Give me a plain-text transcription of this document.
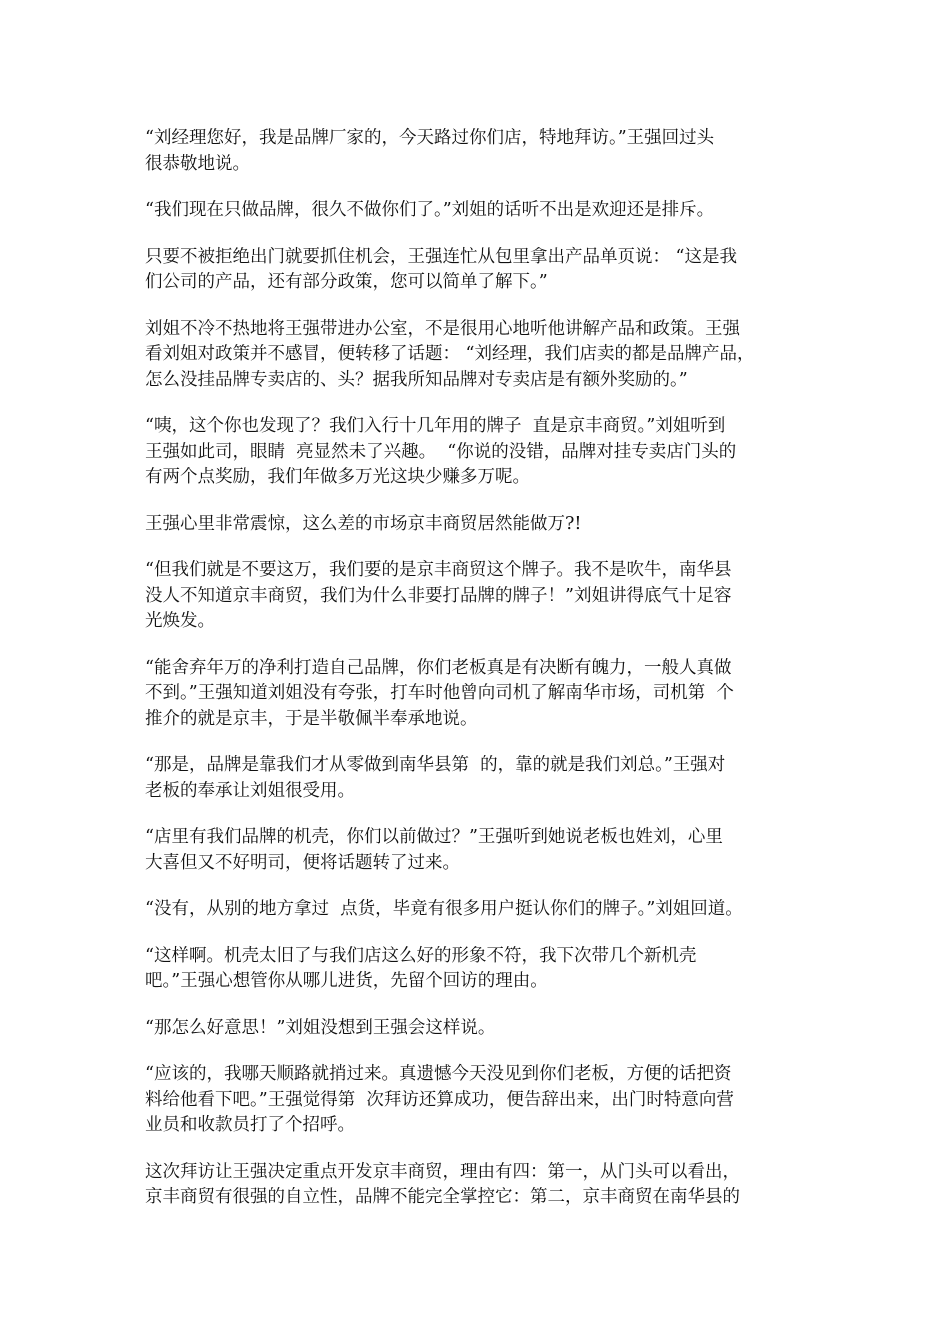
“刘经理您好，我是品牌厂家的，今天路过你们店，特地拜访。”王强回过头
很恭敬地说。

“我们现在只做品牌，很久不做你们了。”刘姐的话听不出是欢迎还是排斥。

只要不被拒绝出门就要抓住机会，王强连忙从包里拿出产品单页说： “这是我
们公司的产品，还有部分政策，您可以简单了解下。”

刘姐不冷不热地将王强带进办公室，不是很用心地听他讲解产品和政策。王强
看刘姐对政策并不感冒，便转移了话题： “刘经理，我们店卖的都是品牌产品，
怎么没挂品牌专卖店的、头？据我所知品牌对专卖店是有额外奖励的。”

“咦，这个你也发现了？我们入行十几年用的牌子  直是京丰商贸。”刘姐听到
王强如此司，眼睛  亮显然未了兴趣。  “你说的没错，品牌对挂专卖店门头的
有两个点奖励，我们年做多万光这块少赚多万呢。

王强心里非常震惊，这么差的市场京丰商贸居然能做万?!

“但我们就是不要这万，我们要的是京丰商贸这个牌子。我不是吹牛，南华县
没人不知道京丰商贸，我们为什么非要打品牌的牌子！”刘姐讲得底气十足容
光焕发。

“能舍弃年万的净利打造自己品牌，你们老板真是有决断有魄力，一般人真做
不到。”王强知道刘姐没有夸张，打车时他曾向司机了解南华市场，司机第  个
推介的就是京丰，于是半敬佩半奉承地说。

“那是，品牌是靠我们才从零做到南华县第  的，靠的就是我们刘总。”王强对
老板的奉承让刘姐很受用。

“店里有我们品牌的机壳，你们以前做过？”王强听到她说老板也姓刘，心里
大喜但又不好明司，便将话题转了过来。

“没有，从别的地方拿过  点货，毕竟有很多用户挺认你们的牌子。”刘姐回道。

“这样啊。机壳太旧了与我们店这么好的形象不符，我下次带几个新机壳
吧。”王强心想管你从哪儿进货，先留个回访的理由。

“那怎么好意思！”刘姐没想到王强会这样说。

“应该的，我哪天顺路就捎过来。真遗憾今天没见到你们老板，方便的话把资
料给他看下吧。”王强觉得第  次拜访还算成功，便告辞出来，出门时特意向营
业员和收款员打了个招呼。

这次拜访让王强决定重点开发京丰商贸，理由有四：第一，从门头可以看出，
京丰商贸有很强的自立性，品牌不能完全掌控它：第二，京丰商贸在南华县的
